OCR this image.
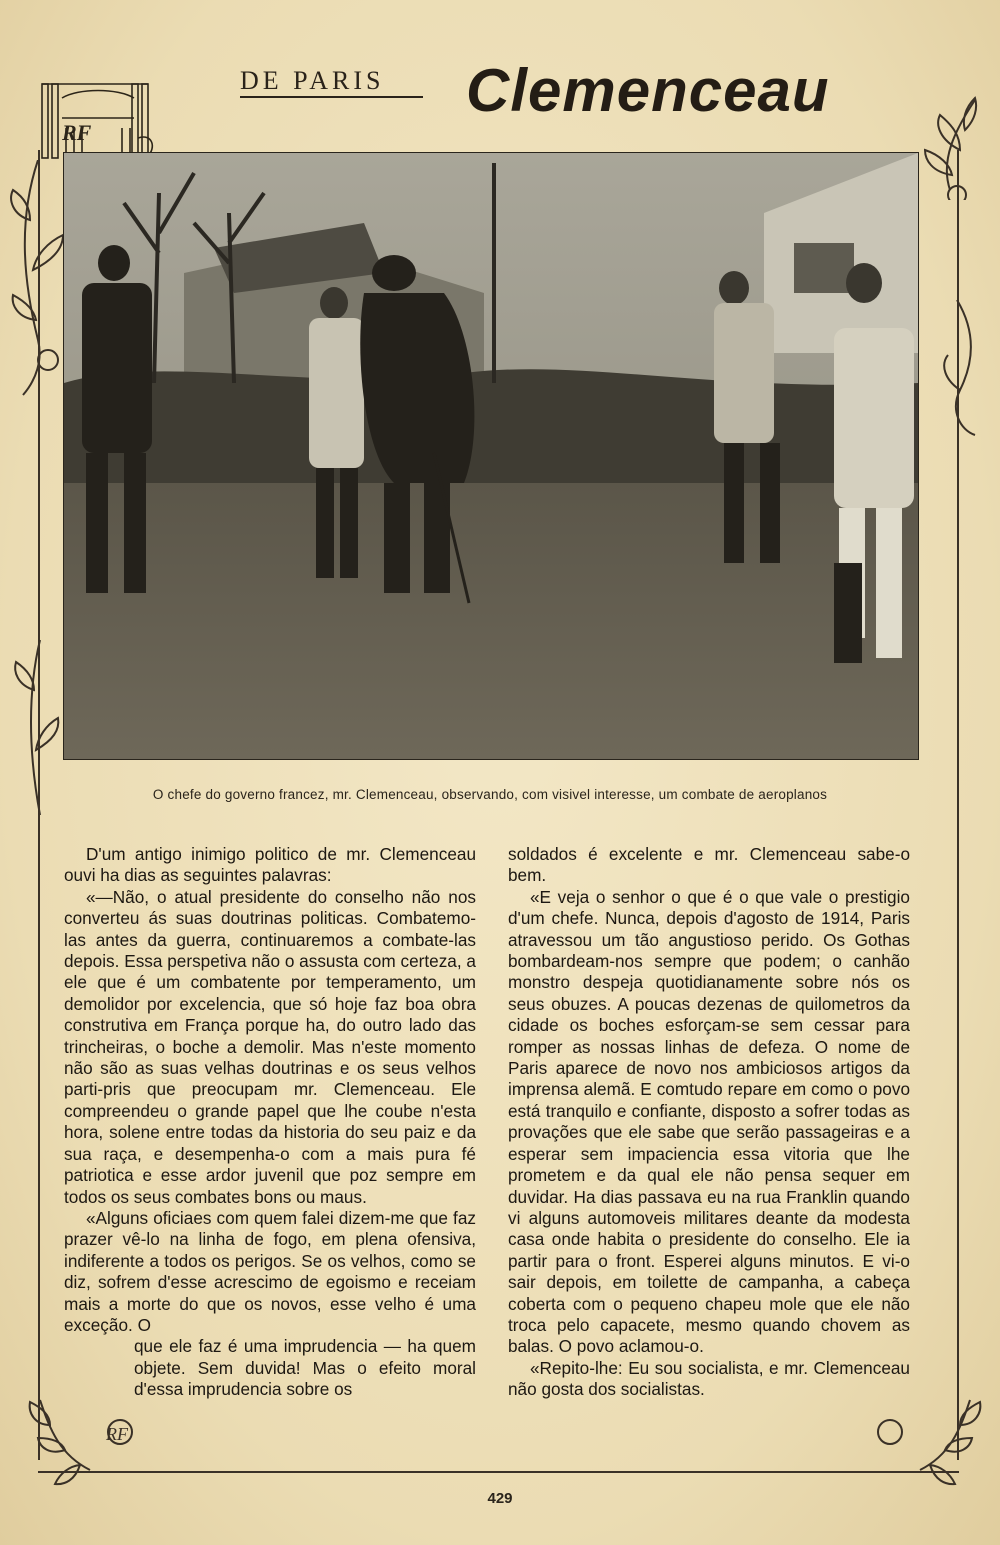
RF
RF
DE PARIS Clemenceau
O chefe do governo francez, mr. Clemenceau, observando, com visivel interesse, um combate de aeroplanos

D'um antigo inimigo politico de mr. Clemenceau ouvi ha dias as seguintes palavras:

«—Não, o atual presidente do conselho não nos converteu ás suas doutrinas politicas. Combatemo-las antes da guerra, continuaremos a combate-las depois. Essa perspetiva não o assusta com certeza, a ele que é um combatente por temperamento, um demolidor por excelencia, que só hoje faz boa obra construtiva em França porque ha, do outro lado das trincheiras, o boche a demolir. Mas n'este momento não são as suas velhas doutrinas e os seus velhos parti-pris que preocupam mr. Clemenceau. Ele compreendeu o grande papel que lhe coube n'esta hora, solene entre todas da historia do seu paiz e da sua raça, e desempenha-o com a mais pura fé patriotica e esse ardor juvenil que poz sempre em todos os seus combates bons ou maus.

«Alguns oficiaes com quem falei dizem-me que faz prazer vê-lo na linha de fogo, em plena ofensiva, indiferente a todos os perigos. Se os velhos, como se diz, sofrem d'esse acrescimo de egoismo e receiam mais a morte do que os novos, esse velho é uma exceção. O

que ele faz é uma imprudencia — ha quem objete. Sem duvida! Mas o efeito moral d'essa imprudencia sobre os

soldados é excelente e mr. Clemenceau sabe-o bem.

«E veja o senhor o que é o que vale o prestigio d'um chefe. Nunca, depois d'agosto de 1914, Paris atravessou um tão angustioso perido. Os Gothas bombardeam-nos sempre que podem; o canhão monstro despeja quotidianamente sobre nós os seus obuzes. A poucas dezenas de quilometros da cidade os boches esforçam-se sem cessar para romper as nossas linhas de defeza. O nome de Paris aparece de novo nos ambiciosos artigos da imprensa alemã. E comtudo repare em como o povo está tranquilo e confiante, disposto a sofrer todas as provações que ele sabe que serão passageiras e a esperar sem impaciencia essa vitoria que lhe prometem e da qual ele não pensa sequer em duvidar. Ha dias passava eu na rua Franklin quando vi alguns automoveis militares deante da modesta casa onde habita o presidente do conselho. Ele ia partir para o front. Esperei alguns minutos. E vi-o sair depois, em toilette de campanha, a cabeça coberta com o pequeno chapeu mole que ele não troca pelo capacete, mesmo quando chovem as balas. O povo aclamou-o.

«Repito-lhe: Eu sou socialista, e mr. Clemenceau não gosta dos socialistas.

429
